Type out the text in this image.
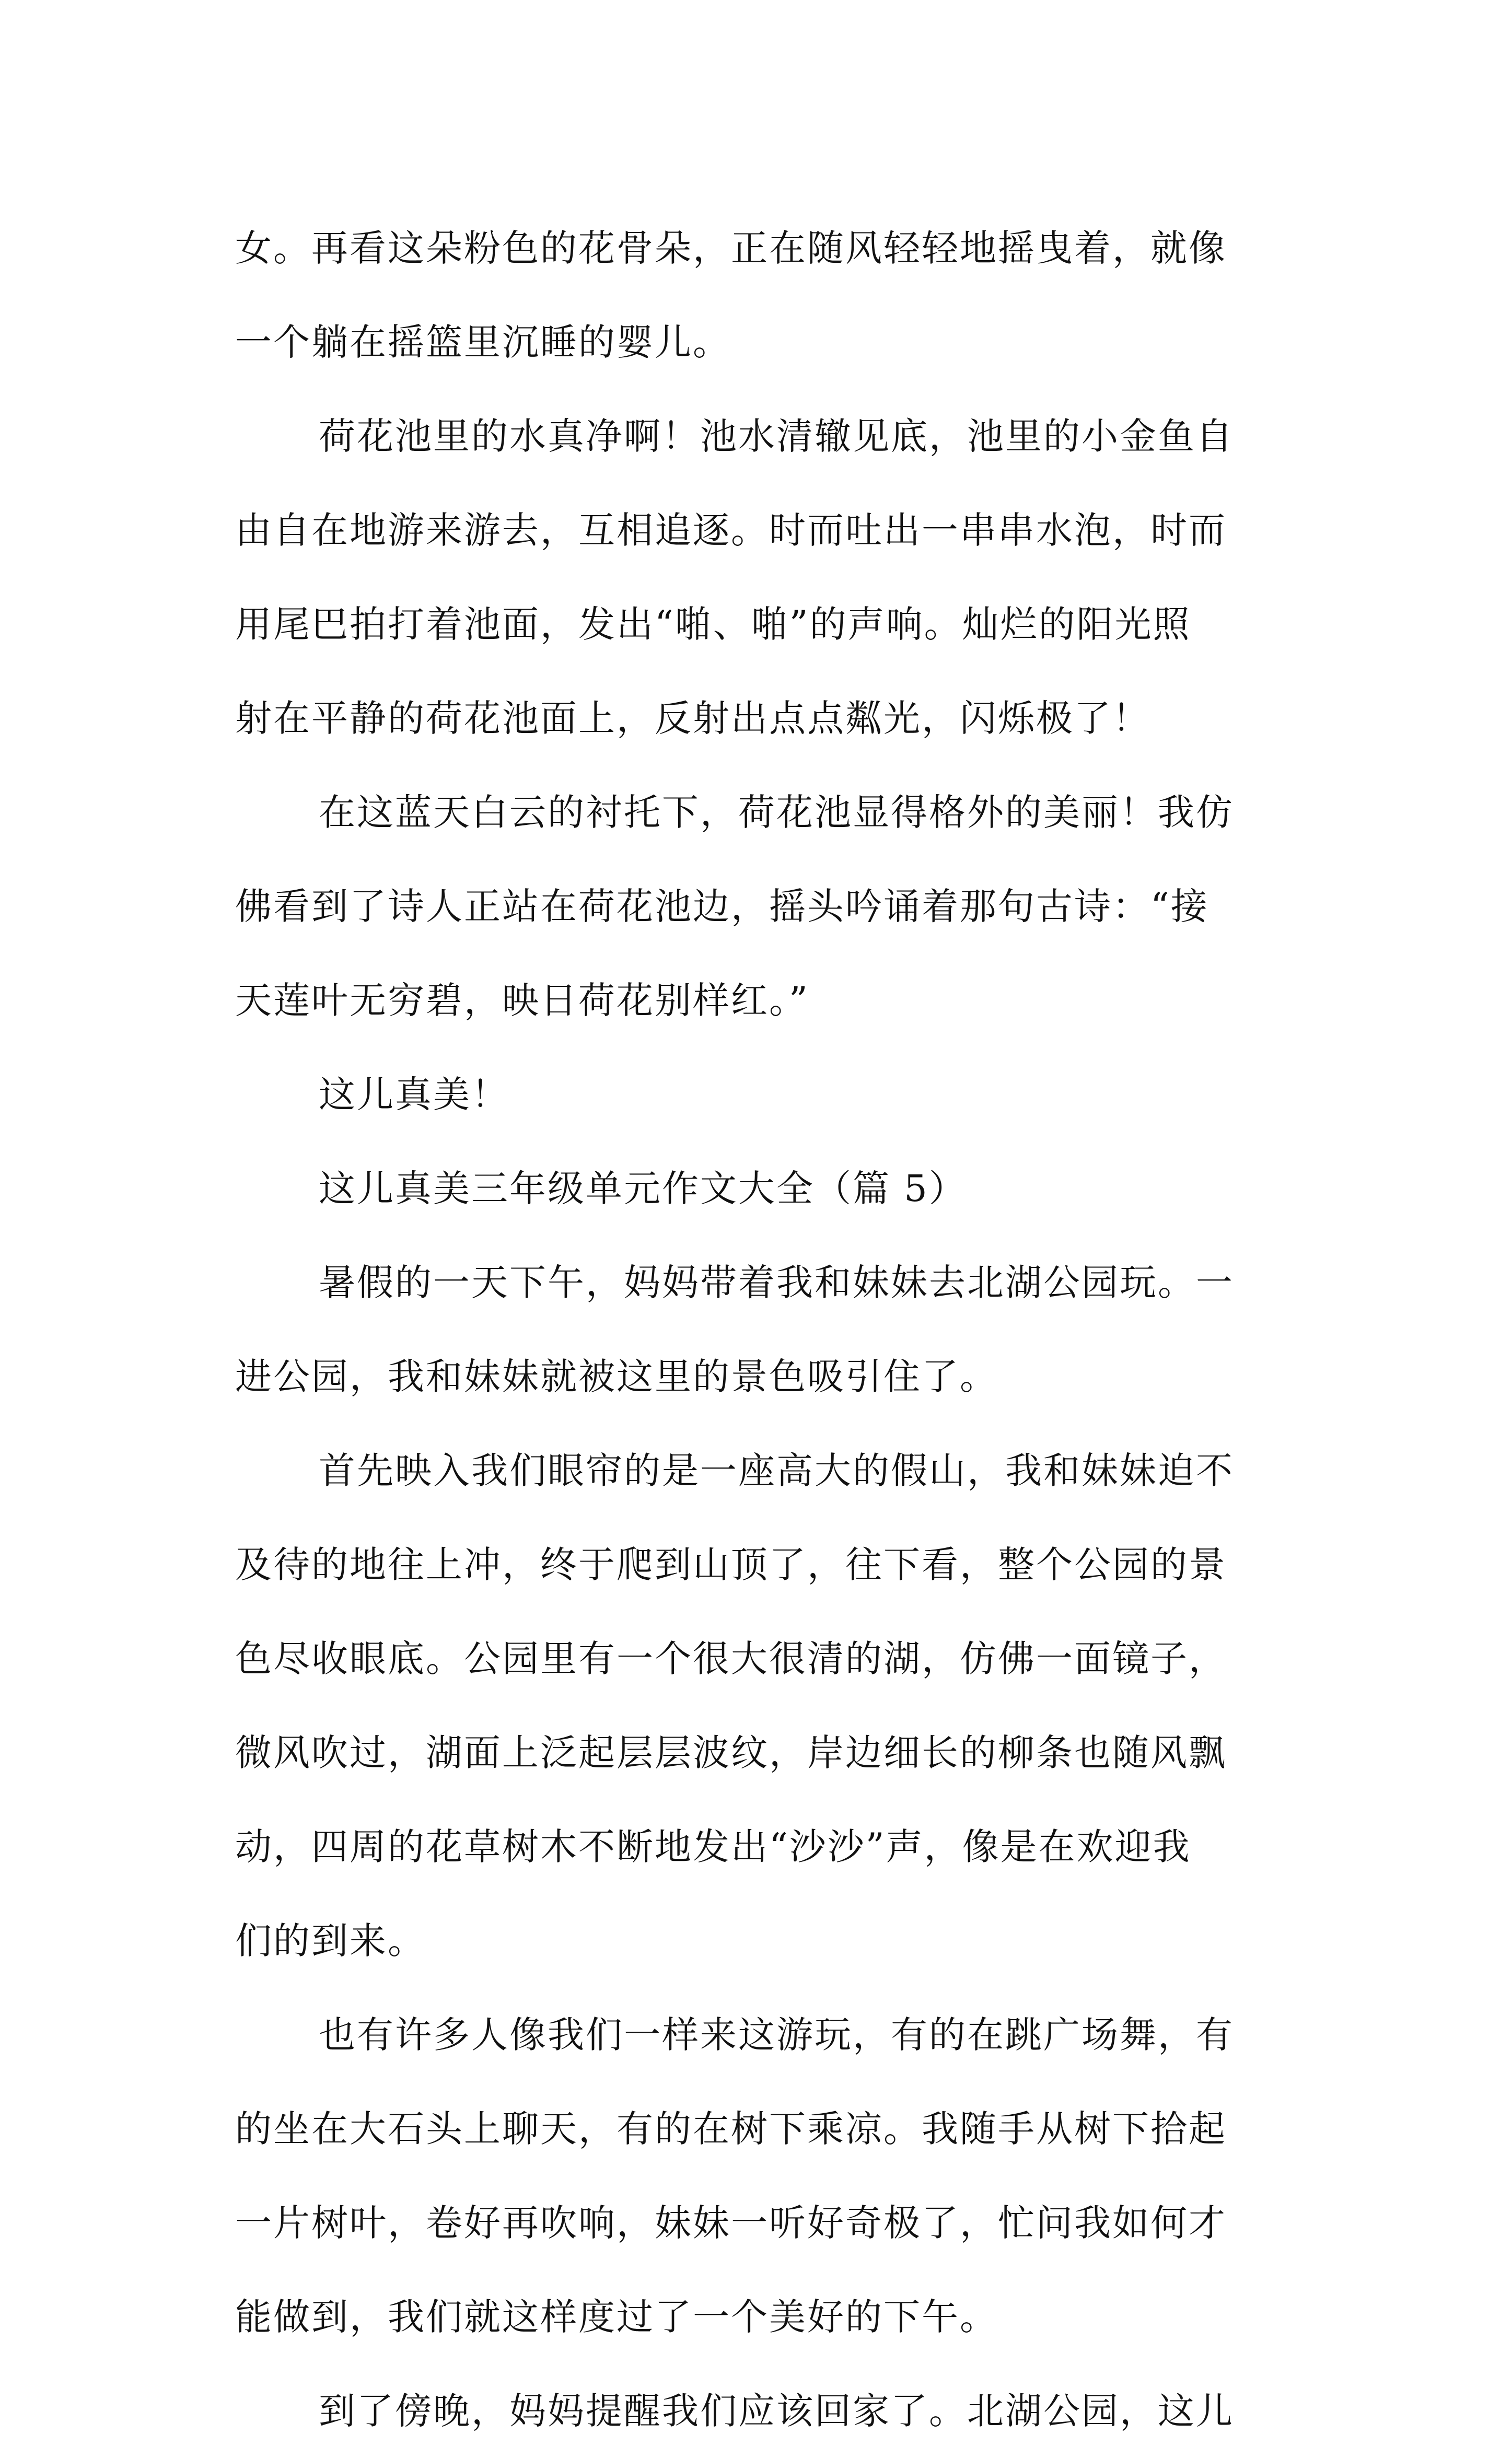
女。再看这朵粉色的花骨朵，正在随风轻轻地摇曳着，就像
一个躺在摇篮里沉睡的婴儿。
荷花池里的水真净啊！池水清辙见底，池里的小金鱼自
由自在地游来游去，互相追逐。时而吐出一串串水泡，时而
用尾巴拍打着池面，发出“啪、啪”的声响。灿烂的阳光照
射在平静的荷花池面上，反射出点点粼光，闪烁极了！
在这蓝天白云的衬托下，荷花池显得格外的美丽！我仿
佛看到了诗人正站在荷花池边，摇头吟诵着那句古诗：“接
天莲叶无穷碧，映日荷花别样红。”
这儿真美！
这儿真美三年级单元作文大全（篇 5）
暑假的一天下午，妈妈带着我和妹妹去北湖公园玩。一
进公园，我和妹妹就被这里的景色吸引住了。
首先映入我们眼帘的是一座高大的假山，我和妹妹迫不
及待的地往上冲，终于爬到山顶了，往下看，整个公园的景
色尽收眼底。公园里有一个很大很清的湖，仿佛一面镜子，
微风吹过，湖面上泛起层层波纹，岸边细长的柳条也随风飘
动，四周的花草树木不断地发出“沙沙”声，像是在欢迎我
们的到来。
也有许多人像我们一样来这游玩，有的在跳广场舞，有
的坐在大石头上聊天，有的在树下乘凉。我随手从树下拾起
一片树叶，卷好再吹响，妹妹一听好奇极了，忙问我如何才
能做到，我们就这样度过了一个美好的下午。
到了傍晚，妈妈提醒我们应该回家了。北湖公园，这儿
